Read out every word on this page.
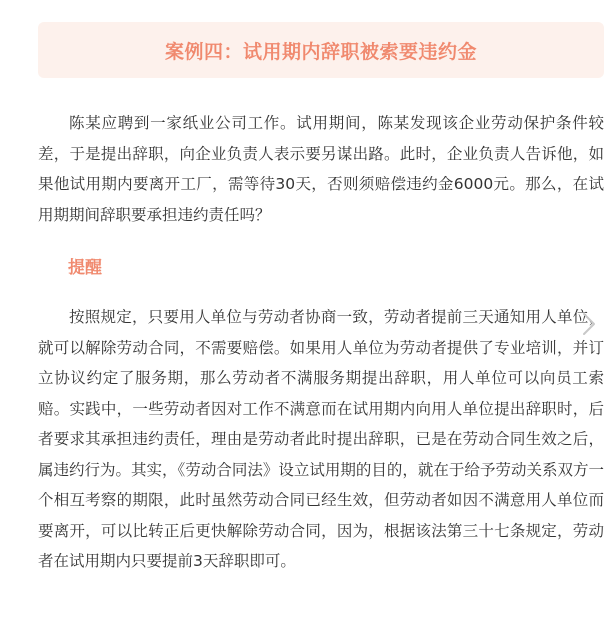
案例四：试用期内辞职被索要违约金

陈某应聘到一家纸业公司工作。试用期间，陈某发现该企业劳动保护条件较差，于是提出辞职，向企业负责人表示要另谋出路。此时，企业负责人告诉他，如果他试用期内要离开工厂，需等待30天，否则须赔偿违约金6000元。那么，在试用期期间辞职要承担违约责任吗？

提醒

按照规定，只要用人单位与劳动者协商一致，劳动者提前三天通知用人单位，就可以解除劳动合同，不需要赔偿。如果用人单位为劳动者提供了专业培训，并订立协议约定了服务期，那么劳动者不满服务期提出辞职，用人单位可以向员工索赔。实践中，一些劳动者因对工作不满意而在试用期内向用人单位提出辞职时，后者要求其承担违约责任，理由是劳动者此时提出辞职，已是在劳动合同生效之后，属违约行为。其实，《劳动合同法》设立试用期的目的，就在于给予劳动关系双方一个相互考察的期限，此时虽然劳动合同已经生效，但劳动者如因不满意用人单位而要离开，可以比转正后更快解除劳动合同，因为，根据该法第三十七条规定，劳动者在试用期内只要提前3天辞职即可。
